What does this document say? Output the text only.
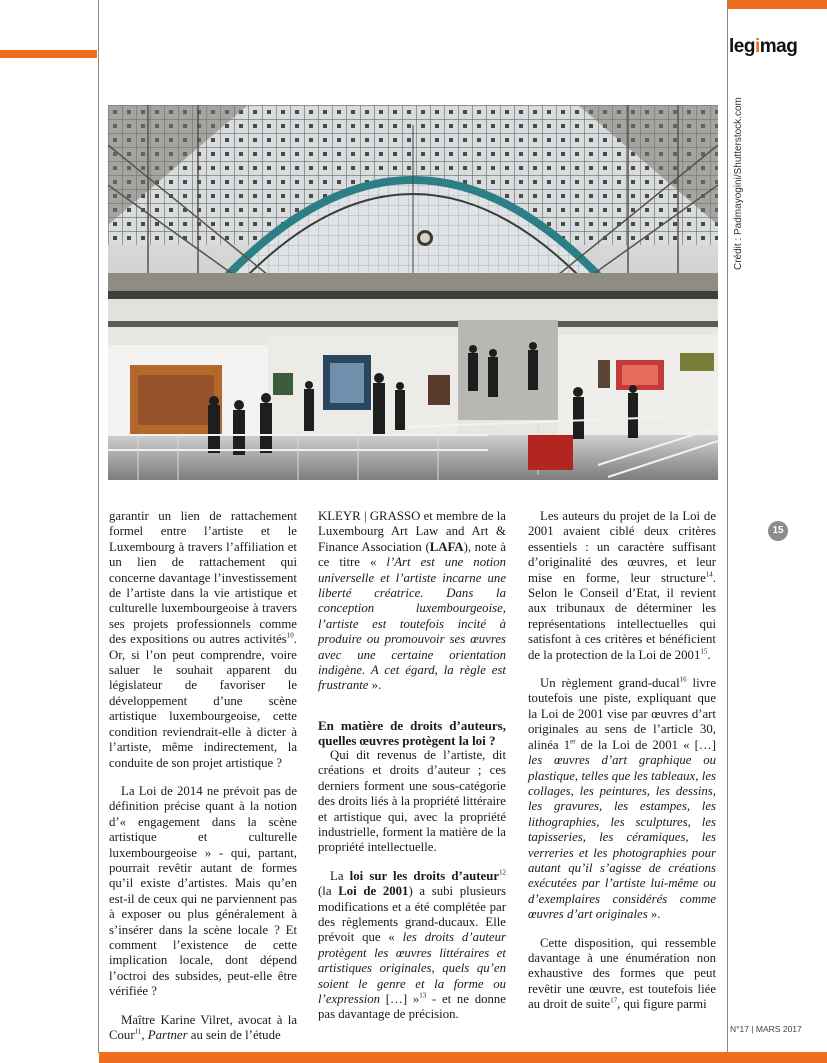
legimag
Crédit : Padmayogini/Shutterstock.com
15

garantir un lien de rattachement formel entre l’artiste et le Luxembourg à travers l’affiliation et un lien de rattachement qui concerne davantage l’investissement de l’artiste dans la vie artistique et culturelle luxembourgeoise à travers ses projets professionnels comme des expositions ou autres activités$^{10}$. Or, si l’on peut comprendre, voire saluer le souhait apparent du législateur de favoriser le développement d’une scène artistique luxembourgeoise, cette condition reviendrait-elle à dicter à l’artiste, même indirectement, la conduite de son projet artistique ?

La Loi de 2014 ne prévoit pas de définition précise quant à la notion d’« engagement dans la scène artistique et culturelle luxembourgeoise » - qui, partant, pourrait revêtir autant de formes qu’il existe d’artistes. Mais qu’en est-il de ceux qui ne parviennent pas à exposer ou plus généralement à s’insérer dans la scène locale ? Et comment l’existence de cette implication locale, dont dépend l’octroi des subsides, peut-elle être vérifiée ?

Maître Karine Vilret, avocat à la Cour$^{11}$, Partner au sein de l’étude

KLEYR | GRASSO et membre de la Luxembourg Art Law and Art & Finance Association (LAFA), note à ce titre « l’Art est une notion universelle et l’artiste incarne une liberté créatrice. Dans la conception luxembourgeoise, l’artiste est toutefois incité à produire ou promouvoir ses œuvres avec une certaine orientation indigène. A cet égard, la règle est frustrante ».

En matière de droits d’auteurs, quelles œuvres protègent la loi ?

Qui dit revenus de l’artiste, dit créations et droits d’auteur ; ces derniers forment une sous-catégorie des droits liés à la propriété littéraire et artistique qui, avec la propriété industrielle, forment la matière de la propriété intellectuelle.

La loi sur les droits d’auteur$^{12}$ (la Loi de 2001) a subi plusieurs modifications et a été complétée par des règlements grand-ducaux. Elle prévoit que « les droits d’auteur protègent les œuvres littéraires et artistiques originales, quels qu’en soient le genre et la forme ou l’expression […] »$^{13}$ - et ne donne pas davantage de précision.

Les auteurs du projet de la Loi de 2001 avaient ciblé deux critères essentiels : un caractère suffisant d’originalité des œuvres, et leur mise en forme, leur structure$^{14}$. Selon le Conseil d’Etat, il revient aux tribunaux de déterminer les représentations intellectuelles qui satisfont à ces critères et bénéficient de la protection de la Loi de 2001$^{15}$.

Un règlement grand-ducal$^{16}$ livre toutefois une piste, expliquant que la Loi de 2001 vise par œuvres d’art originales au sens de l’article 30, alinéa 1er de la Loi de 2001 « […] les œuvres d’art graphique ou plastique, telles que les tableaux, les collages, les peintures, les dessins, les gravures, les estampes, les lithographies, les sculptures, les tapisseries, les céramiques, les verreries et les photographies pour autant qu’il s’agisse de créations exécutées par l’artiste lui-même ou d’exemplaires considérés comme œuvres d’art originales ».

Cette disposition, qui ressemble davantage à une énumération non exhaustive des formes que peut revêtir une œuvre, est toutefois liée au droit de suite$^{17}$, qui figure parmi

N°17 | MARS 2017
